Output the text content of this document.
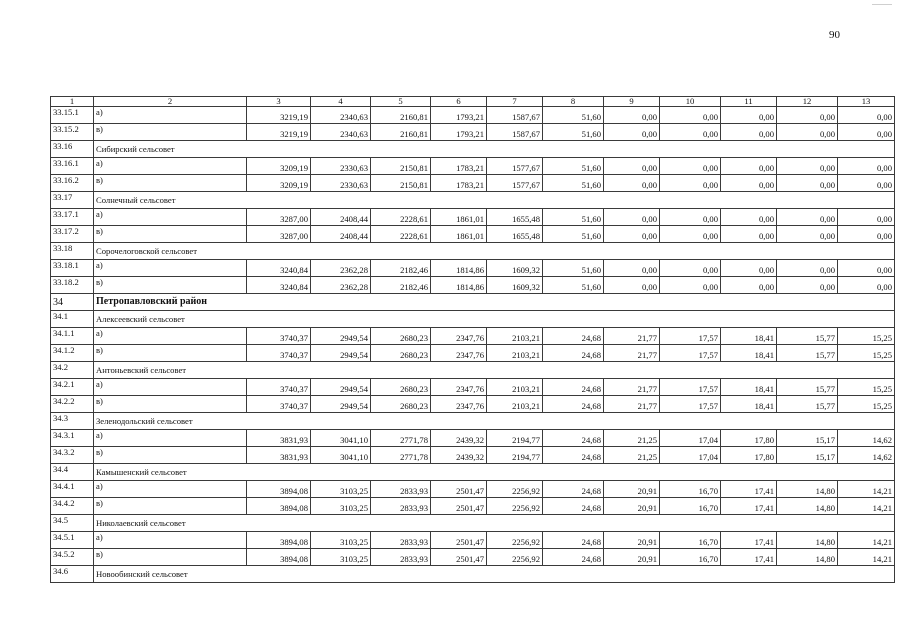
90
1	2	3	4	5	6	7	8	9	10	11	12	13
33.15.1	а)	3219,19	2340,63	2160,81	1793,21	1587,67	51,60	0,00	0,00	0,00	0,00	0,00
33.15.2	в)	3219,19	2340,63	2160,81	1793,21	1587,67	51,60	0,00	0,00	0,00	0,00	0,00
33.16	Сибирский сельсовет											
33.16.1	а)	3209,19	2330,63	2150,81	1783,21	1577,67	51,60	0,00	0,00	0,00	0,00	0,00
33.16.2	в)	3209,19	2330,63	2150,81	1783,21	1577,67	51,60	0,00	0,00	0,00	0,00	0,00
33.17	Солнечный сельсовет											
33.17.1	а)	3287,00	2408,44	2228,61	1861,01	1655,48	51,60	0,00	0,00	0,00	0,00	0,00
33.17.2	в)	3287,00	2408,44	2228,61	1861,01	1655,48	51,60	0,00	0,00	0,00	0,00	0,00
33.18	Сорочелоговской сельсовет											
33.18.1	а)	3240,84	2362,28	2182,46	1814,86	1609,32	51,60	0,00	0,00	0,00	0,00	0,00
33.18.2	в)	3240,84	2362,28	2182,46	1814,86	1609,32	51,60	0,00	0,00	0,00	0,00	0,00
34	Петропавловский район											
34.1	Алексеевский сельсовет											
34.1.1	а)	3740,37	2949,54	2680,23	2347,76	2103,21	24,68	21,77	17,57	18,41	15,77	15,25
34.1.2	в)	3740,37	2949,54	2680,23	2347,76	2103,21	24,68	21,77	17,57	18,41	15,77	15,25
34.2	Антоньевский сельсовет											
34.2.1	а)	3740,37	2949,54	2680,23	2347,76	2103,21	24,68	21,77	17,57	18,41	15,77	15,25
34.2.2	в)	3740,37	2949,54	2680,23	2347,76	2103,21	24,68	21,77	17,57	18,41	15,77	15,25
34.3	Зеленодольский сельсовет											
34.3.1	а)	3831,93	3041,10	2771,78	2439,32	2194,77	24,68	21,25	17,04	17,80	15,17	14,62
34.3.2	в)	3831,93	3041,10	2771,78	2439,32	2194,77	24,68	21,25	17,04	17,80	15,17	14,62
34.4	Камышенский сельсовет											
34.4.1	а)	3894,08	3103,25	2833,93	2501,47	2256,92	24,68	20,91	16,70	17,41	14,80	14,21
34.4.2	в)	3894,08	3103,25	2833,93	2501,47	2256,92	24,68	20,91	16,70	17,41	14,80	14,21
34.5	Николаевский сельсовет											
34.5.1	а)	3894,08	3103,25	2833,93	2501,47	2256,92	24,68	20,91	16,70	17,41	14,80	14,21
34.5.2	в)	3894,08	3103,25	2833,93	2501,47	2256,92	24,68	20,91	16,70	17,41	14,80	14,21
34.6	Новообинский сельсовет											
